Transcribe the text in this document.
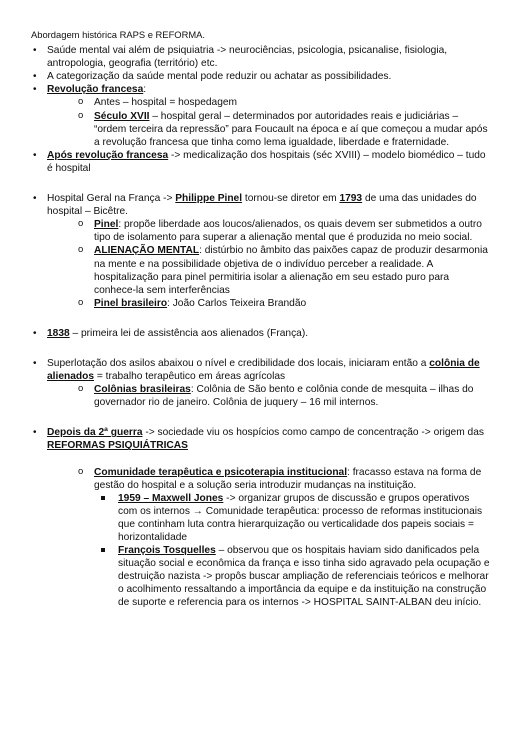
Abordagem histórica RAPS e REFORMA.
• Saúde mental vai além de psiquiatria -> neurociências, psicologia, psicanalise, fisiologia, antropologia, geografia (território) etc.
• A categorização da saúde mental pode reduzir ou achatar as possibilidades.
• Revolução francesa:
o Antes – hospital = hospedagem
o Século XVII – hospital geral – determinados por autoridades reais e judiciárias – “ordem terceira da repressão” para Foucault na época e aí que começou a mudar após a revolução francesa que tinha como lema igualdade, liberdade e fraternidade.
• Após revolução francesa -> medicalização dos hospitais (séc XVIII) – modelo biomédico – tudo é hospital
• Hospital Geral na França -> Philippe Pinel tornou-se diretor em 1793 de uma das unidades do hospital – Bicêtre.
o Pinel: propõe liberdade aos loucos/alienados, os quais devem ser submetidos a outro tipo de isolamento para superar a alienação mental que é produzida no meio social.
o ALIENAÇÃO MENTAL: distúrbio no âmbito das paixões capaz de produzir desarmonia na mente e na possibilidade objetiva de o indivíduo perceber a realidade. A hospitalização para pinel permitiria isolar a alienação em seu estado puro para conhece-la sem interferências
o Pinel brasileiro: João Carlos Teixeira Brandão
• 1838 – primeira lei de assistência aos alienados (França).
• Superlotação dos asilos abaixou o nível e credibilidade dos locais, iniciaram então a colônia de alienados = trabalho terapêutico em áreas agrícolas
o Colônias brasileiras: Colônia de São bento e colônia conde de mesquita – ilhas do governador rio de janeiro. Colônia de juquery – 16 mil internos.
• Depois da 2ª guerra -> sociedade viu os hospícios como campo de concentração -> origem das REFORMAS PSIQUIÁTRICAS
o Comunidade terapêutica e psicoterapia institucional: fracasso estava na forma de gestão do hospital e a solução seria introduzir mudanças na instituição.
1959 – Maxwell Jones -> organizar grupos de discussão e grupos operativos com os internos → Comunidade terapêutica: processo de reformas institucionais que continham luta contra hierarquização ou verticalidade dos papeis sociais = horizontalidade
François Tosquelles – observou que os hospitais haviam sido danificados pela situação social e econômica da frança e isso tinha sido agravado pela ocupação e destruição nazista -> propôs buscar ampliação de referenciais teóricos e melhorar o acolhimento ressaltando a importância da equipe e da instituição na construção de suporte e referencia para os internos -> HOSPITAL SAINT-ALBAN deu início.
